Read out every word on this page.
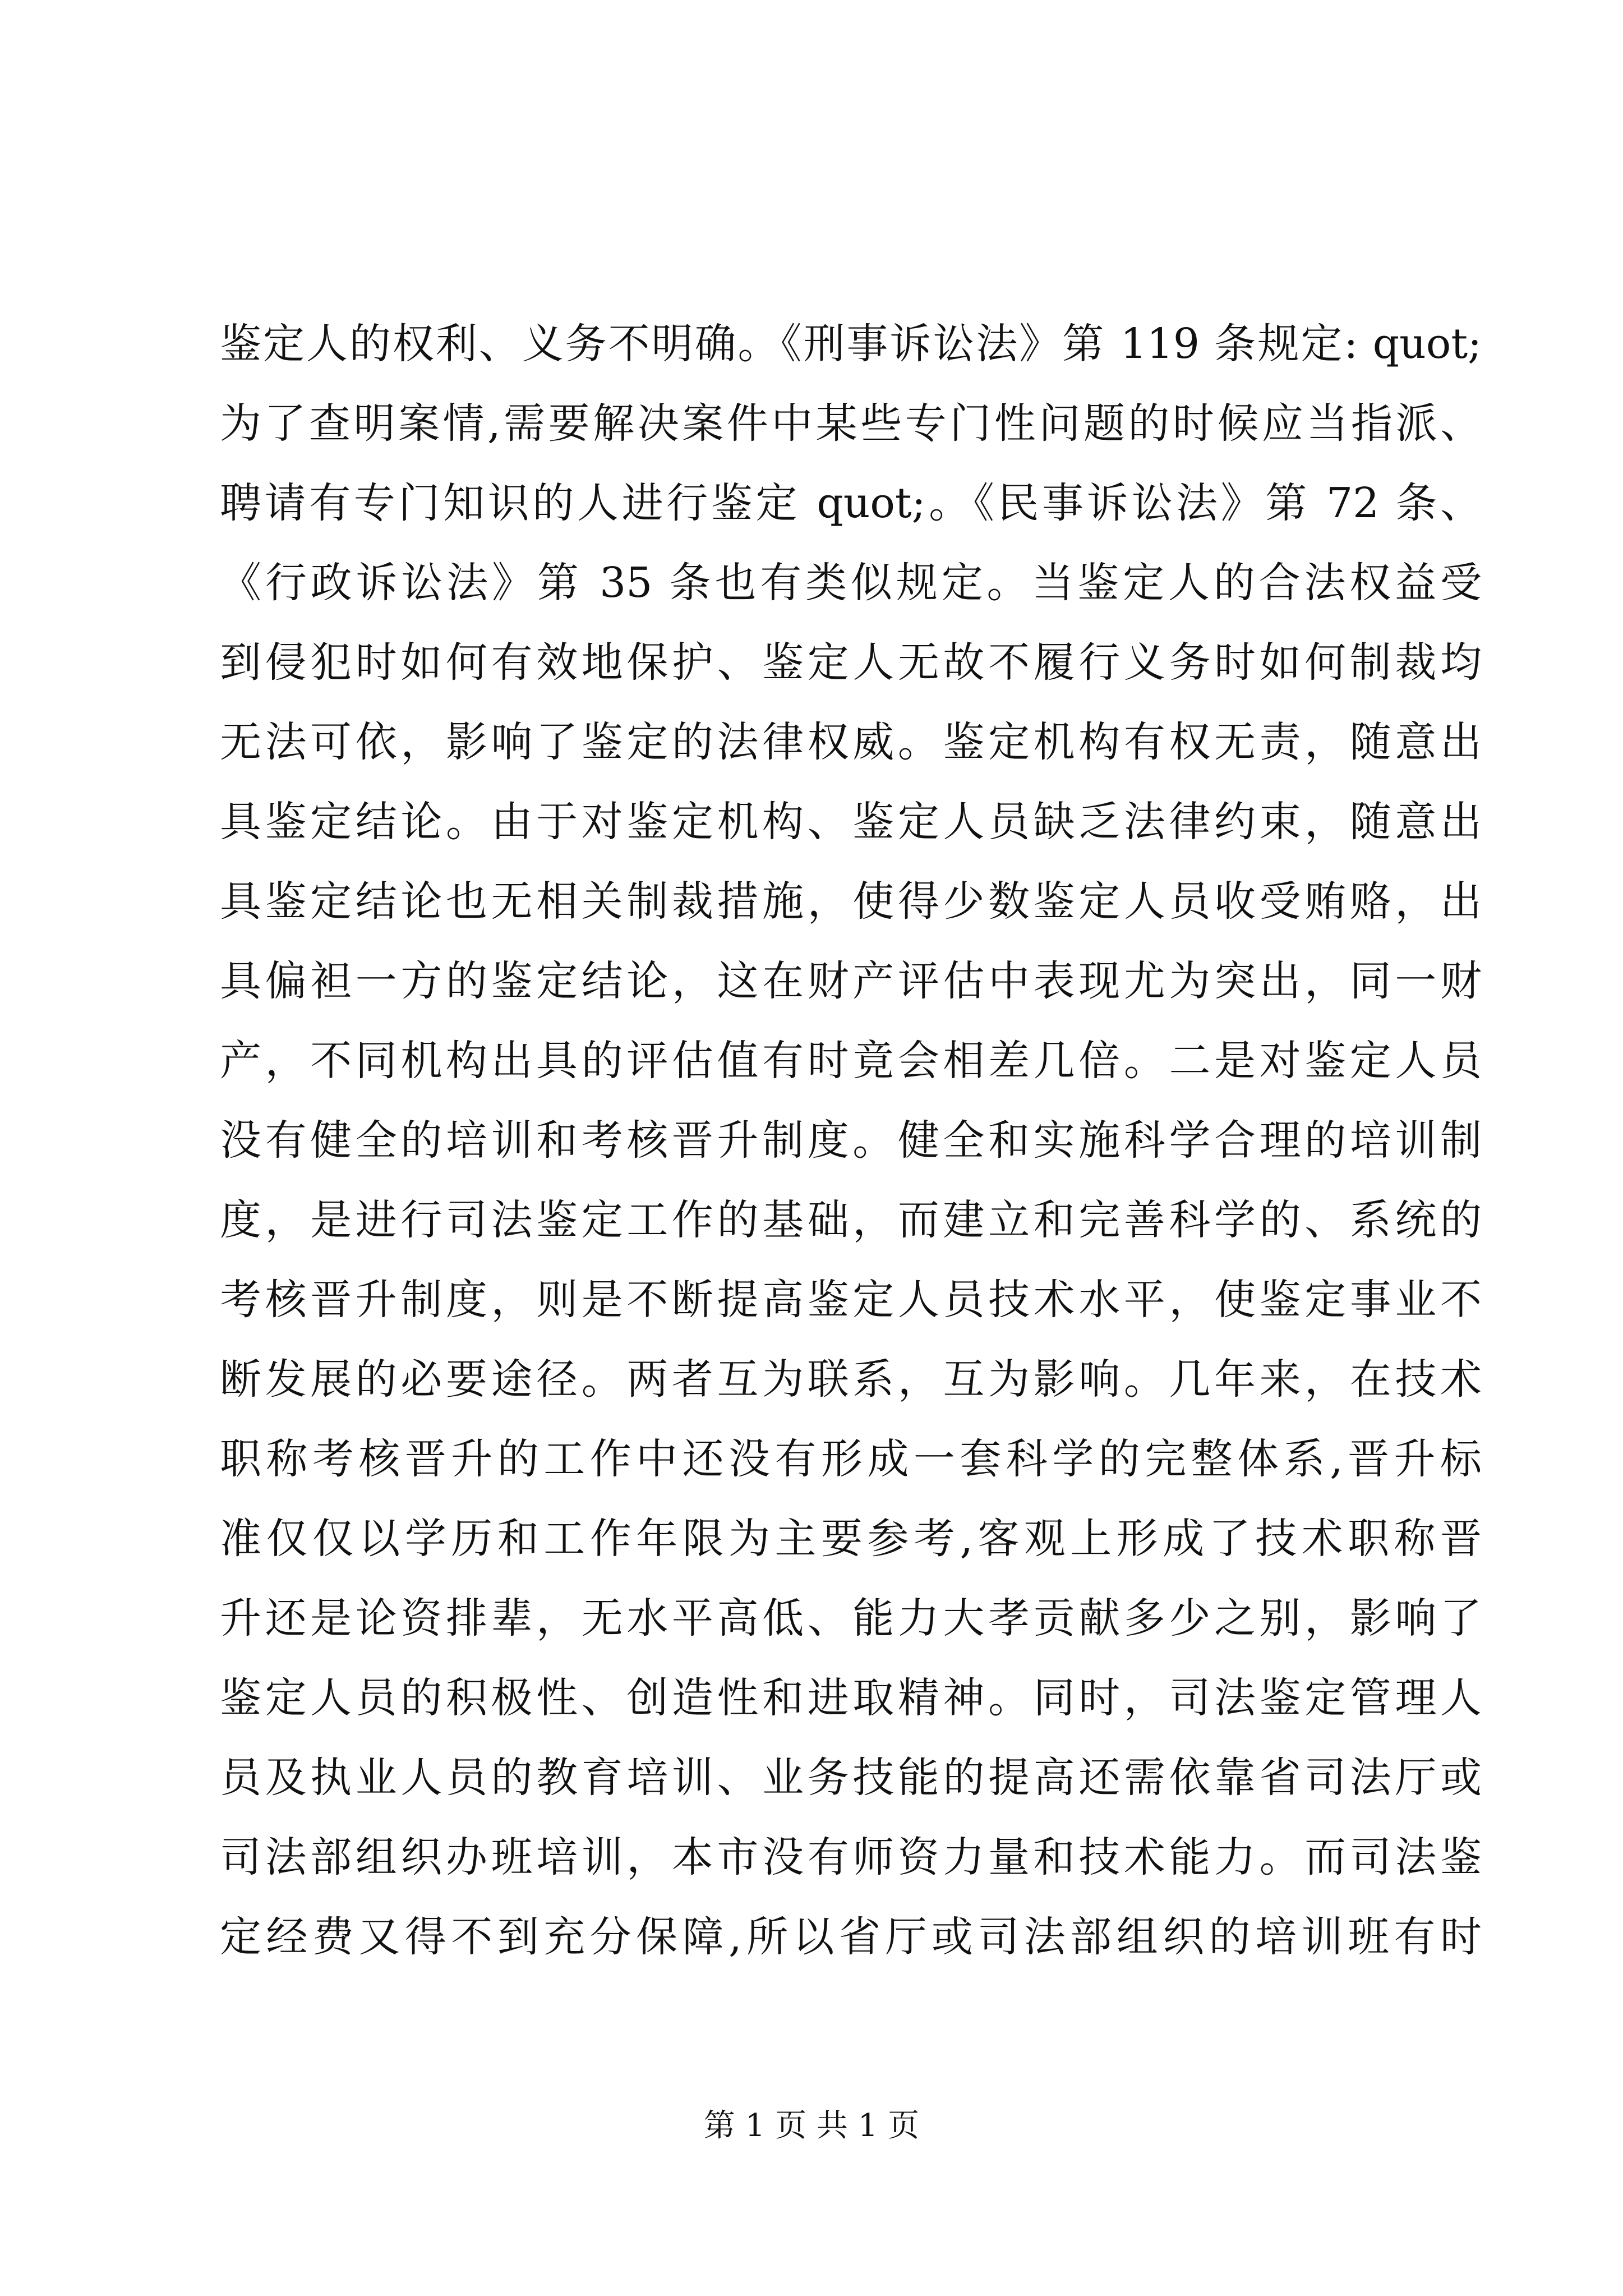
鉴定人的权利、义务不明确。《刑事诉讼法》第 119 条规定: quot;
为了查明案情,需要解决案件中某些专门性问题的时候应当指派、
聘请有专门知识的人进行鉴定 quot;。《民事诉讼法》第 72 条、
《行政诉讼法》第 35 条也有类似规定。当鉴定人的合法权益受
到侵犯时如何有效地保护、鉴定人无故不履行义务时如何制裁均
无法可依，影响了鉴定的法律权威。鉴定机构有权无责，随意出
具鉴定结论。由于对鉴定机构、鉴定人员缺乏法律约束，随意出
具鉴定结论也无相关制裁措施，使得少数鉴定人员收受贿赂，出
具偏袒一方的鉴定结论，这在财产评估中表现尤为突出，同一财
产，不同机构出具的评估值有时竟会相差几倍。二是对鉴定人员
没有健全的培训和考核晋升制度。健全和实施科学合理的培训制
度，是进行司法鉴定工作的基础，而建立和完善科学的、系统的
考核晋升制度，则是不断提高鉴定人员技术水平，使鉴定事业不
断发展的必要途径。两者互为联系，互为影响。几年来，在技术
职称考核晋升的工作中还没有形成一套科学的完整体系,晋升标
准仅仅以学历和工作年限为主要参考,客观上形成了技术职称晋
升还是论资排辈，无水平高低、能力大孝贡献多少之别，影响了
鉴定人员的积极性、创造性和进取精神。同时，司法鉴定管理人
员及执业人员的教育培训、业务技能的提高还需依靠省司法厅或
司法部组织办班培训，本市没有师资力量和技术能力。而司法鉴
定经费又得不到充分保障,所以省厅或司法部组织的培训班有时
第 1 页 共 1 页
